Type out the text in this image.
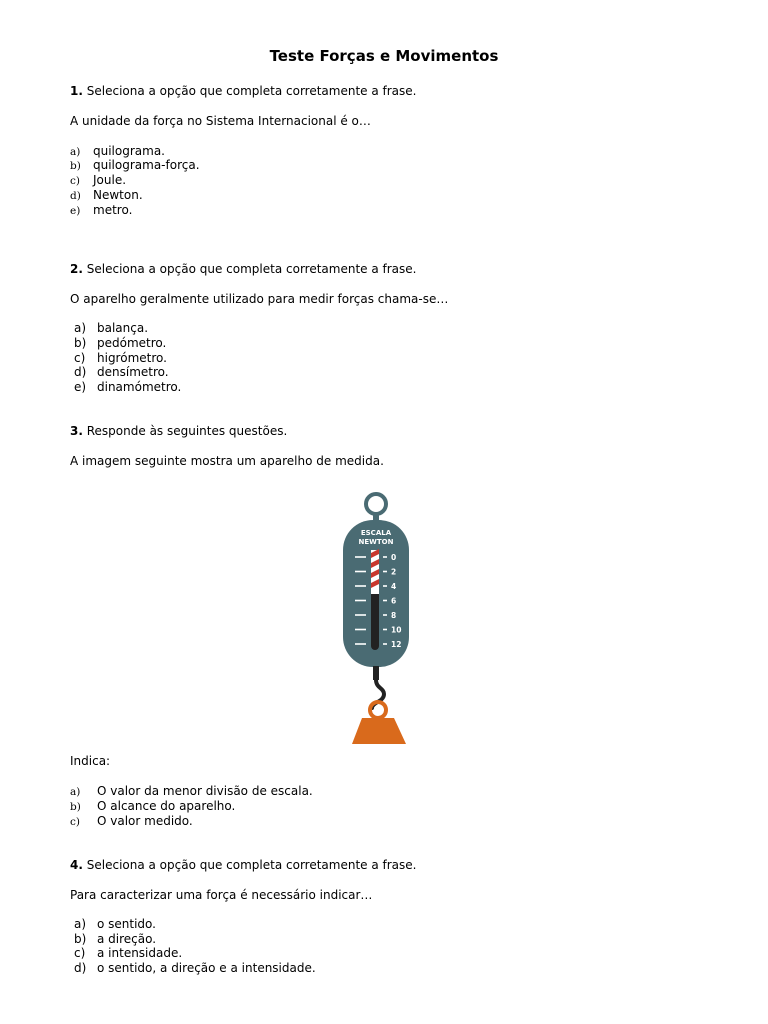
Teste Forças e Movimentos
1. Seleciona a opção que completa corretamente a frase.
A unidade da força no Sistema Internacional é o…
a) quilograma.
b) quilograma-força.
c) Joule.
d) Newton.
e) metro.
2. Seleciona a opção que completa corretamente a frase.
O aparelho geralmente utilizado para medir forças chama-se…
a) balança.
b) pedómetro.
c) higrómetro.
d) densímetro.
e) dinamómetro.
3. Responde às seguintes questões.
A imagem seguinte mostra um aparelho de medida.
ESCALA
NEWTON
0
2
4
6
8
10
12
Indica:
a) O valor da menor divisão de escala.
b) O alcance do aparelho.
c) O valor medido.
4. Seleciona a opção que completa corretamente a frase.
Para caracterizar uma força é necessário indicar…
a) o sentido.
b) a direção.
c) a intensidade.
d) o sentido, a direção e a intensidade.
